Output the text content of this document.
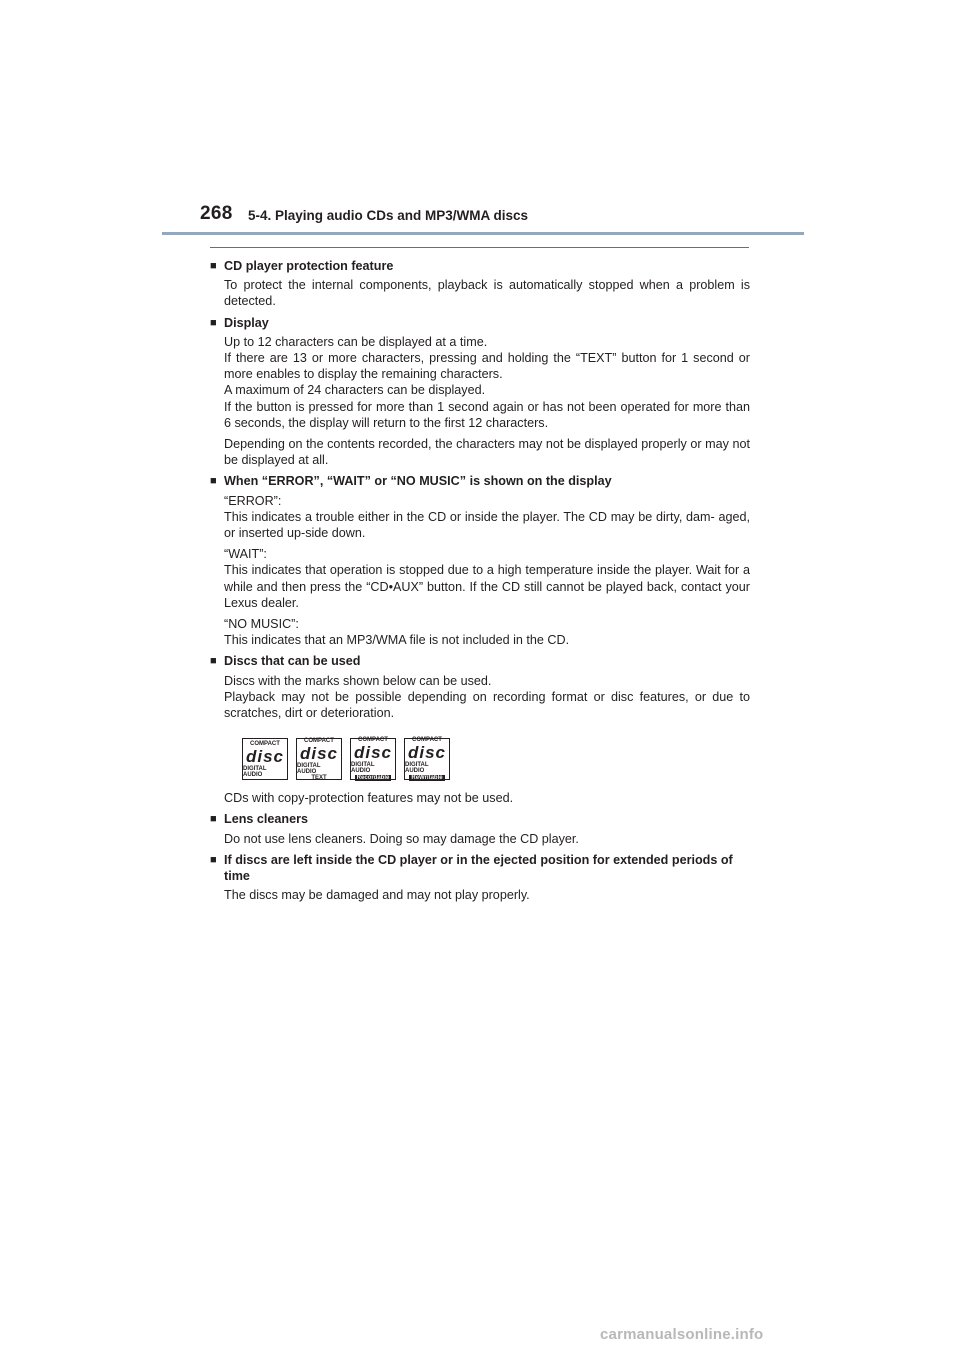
268 5-4. Playing audio CDs and MP3/WMA discs
■ CD player protection feature

To protect the internal components, playback is automatically stopped when a problem is detected.

■ Display

Up to 12 characters can be displayed at a time.
If there are 13 or more characters, pressing and holding the “TEXT” button for 1 second or more enables to display the remaining characters.
A maximum of 24 characters can be displayed.
If the button is pressed for more than 1 second again or has not been operated for more than 6 seconds, the display will return to the first 12 characters.

Depending on the contents recorded, the characters may not be displayed properly or may not be displayed at all.

■ When “ERROR”, “WAIT” or “NO MUSIC” is shown on the display

“ERROR”:
This indicates a trouble either in the CD or inside the player. The CD may be dirty, dam- aged, or inserted up-side down.

“WAIT”:
This indicates that operation is stopped due to a high temperature inside the player. Wait for a while and then press the “CD•AUX” button. If the CD still cannot be played back, contact your Lexus dealer.

“NO MUSIC”:
This indicates that an MP3/WMA file is not included in the CD.

■ Discs that can be used

Discs with the marks shown below can be used.
Playback may not be possible depending on recording format or disc features, or due to scratches, dirt or deterioration.

COMPACT
disc
DIGITAL AUDIO
COMPACT
disc
DIGITAL AUDIO
TEXT
COMPACT
disc
DIGITAL AUDIO
Recordable
COMPACT
disc
DIGITAL AUDIO
ReWritable

CDs with copy-protection features may not be used.

■ Lens cleaners

Do not use lens cleaners. Doing so may damage the CD player.

■ If discs are left inside the CD player or in the ejected position for extended periods of time

The discs may be damaged and may not play properly.

carmanualsonline.info
